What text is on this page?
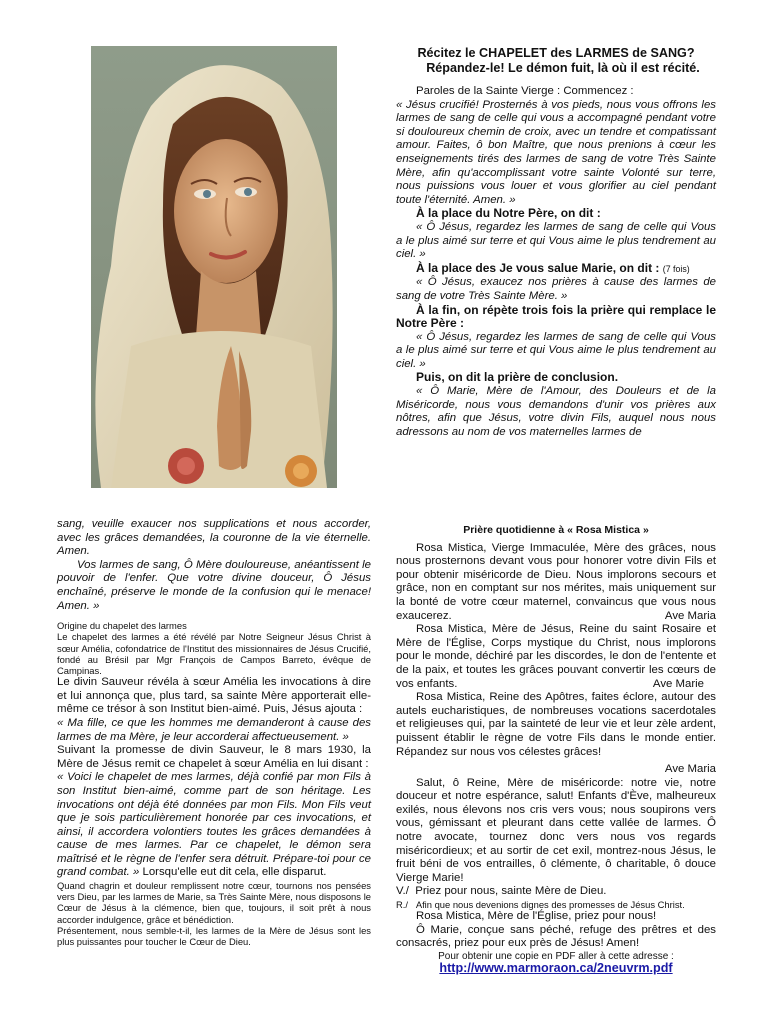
Récitez le CHAPELET des LARMES de SANG?
Répandez-le! Le démon fuit, là où il est récité.

Paroles de la Sainte Vierge : Commencez :

« Jésus crucifié! Prosternés à vos pieds, nous vous offrons les larmes de sang de celle qui vous a accompagné pendant votre si douloureux chemin de croix, avec un tendre et compatissant amour. Faites, ô bon Maître, que nous prenions à cœur les enseignements tirés des larmes de sang de votre Très Sainte Mère, afin qu'accomplissant votre sainte Volonté sur terre, nous puissions vous louer et vous glorifier au ciel pendant toute l'éternité. Amen. »

À la place du Notre Père, on dit :

« Ô Jésus, regardez les larmes de sang de celle qui Vous a le plus aimé sur terre et qui Vous aime le plus tendrement au ciel. »

À la place des Je vous salue Marie, on dit : (7 fois)

« Ô Jésus, exaucez nos prières à cause des larmes de sang de votre Très Sainte Mère. »

À la fin, on répète trois fois la prière qui remplace le Notre Père :

« Ô Jésus, regardez les larmes de sang de celle qui Vous a le plus aimé sur terre et qui Vous aime le plus tendrement au ciel. »

Puis, on dit la prière de conclusion.

« Ô Marie, Mère de l'Amour, des Douleurs et de la Miséricorde, nous vous demandons d'unir vos prières aux nôtres, afin que Jésus, votre divin Fils, auquel nous nous adressons au nom de vos maternelles larmes de

sang, veuille exaucer nos supplications et nous accorder, avec les grâces demandées, la couronne de la vie éternelle. Amen.

Vos larmes de sang, Ô Mère douloureuse, anéantissent le pouvoir de l'enfer. Que votre divine douceur, Ô Jésus enchaîné, préserve le monde de la confusion qui le menace! Amen. »

Origine du chapelet des larmes

Le chapelet des larmes a été révélé par Notre Seigneur Jésus Christ à sœur Amélia, cofondatrice de l'Institut des missionnaires de Jésus Crucifié, fondé au Brésil par Mgr François de Campos Barreto, évêque de Campinas.

Le divin Sauveur révéla à sœur Amélia les invocations à dire et lui annonça que, plus tard, sa sainte Mère apporterait elle-même ce trésor à son Institut bien-aimé. Puis, Jésus ajouta :

« Ma fille, ce que les hommes me demanderont à cause des larmes de ma Mère, je leur accorderai affectueusement. »

Suivant la promesse de divin Sauveur, le 8 mars 1930, la Mère de Jésus remit ce chapelet à sœur Amélia en lui disant :

« Voici le chapelet de mes larmes, déjà confié par mon Fils à son Institut bien-aimé, comme part de son héritage. Les invocations ont déjà été données par mon Fils. Mon Fils veut que je sois particulièrement honorée par ces invocations, et ainsi, il accordera volontiers toutes les grâces demandées à cause de mes larmes. Par ce chapelet, le démon sera maîtrisé et le règne de l'enfer sera détruit. Prépare-toi pour ce grand combat. » Lorsqu'elle eut dit cela, elle disparut.

Quand chagrin et douleur remplissent notre cœur, tournons nos pensées vers Dieu, par les larmes de Marie, sa Très Sainte Mère, nous disposons le Cœur de Jésus à la clémence, bien que, toujours, il soit prêt à nous accorder indulgence, grâce et bénédiction.

Présentement, nous semble-t-il, les larmes de la Mère de Jésus sont les plus puissantes pour toucher le Cœur de Dieu.

Prière quotidienne à « Rosa Mistica »

Rosa Mistica, Vierge Immaculée, Mère des grâces, nous nous prosternons devant vous pour honorer votre divin Fils et pour obtenir miséricorde de Dieu. Nous implorons secours et grâce, non en comptant sur nos mérites, mais uniquement sur la bonté de votre cœur maternel, convaincus que vous nous exaucerez.	Ave Maria

Rosa Mistica, Mère de Jésus, Reine du saint Rosaire et Mère de l'Église, Corps mystique du Christ, nous implorons pour le monde, déchiré par les discordes, le don de l'entente et de la paix, et toutes les grâces pouvant convertir les cœurs de vos enfants.	Ave Marie

Rosa Mistica, Reine des Apôtres, faites éclore, autour des autels eucharistiques, de nombreuses vocations sacerdotales et religieuses qui, par la sainteté de leur vie et leur zèle ardent, puissent établir le règne de votre Fils dans le monde entier. Répandez sur nous vos célestes grâces!

Ave Maria

Salut, ô Reine, Mère de miséricorde: notre vie, notre douceur et notre espérance, salut! Enfants d'Ève, malheureux exilés, nous élevons nos cris vers vous; nous soupirons vers vous, gémissant et pleurant dans cette vallée de larmes. Ô notre avocate, tournez donc vers nous vos regards miséricordieux; et au sortir de cet exil, montrez-nous Jésus, le fruit béni de vos entrailles, ô clémente, ô charitable, ô douce Vierge Marie!

V./ Priez pour nous, sainte Mère de Dieu.

R./ Afin que nous devenions dignes des promesses de Jésus Christ.

Rosa Mistica, Mère de l'Église, priez pour nous!

Ô Marie, conçue sans péché, refuge des prêtres et des consacrés, priez pour eux près de Jésus! Amen!

Pour obtenir une copie en PDF aller à cette adresse :

http://www.marmoraon.ca/2neuvrm.pdf
